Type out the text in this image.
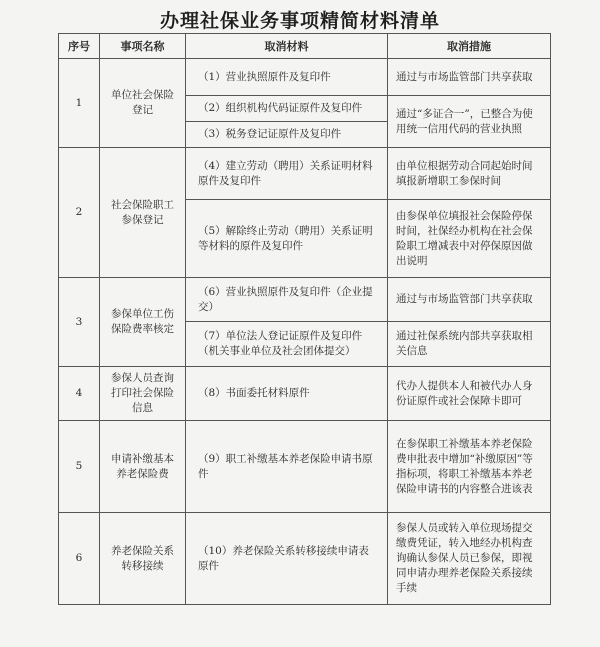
办理社保业务事项精简材料清单
序号	事项名称	取消材料	取消措施
1	单位社会保险登记	（1）营业执照原件及复印件	通过与市场监管部门共享获取
		（2）组织机构代码证原件及复印件	通过“多证合一”，已整合为使用统一信用代码的营业执照
		（3）税务登记证原件及复印件	
2	社会保险职工参保登记	（4）建立劳动（聘用）关系证明材料原件及复印件	由单位根据劳动合同起始时间填报新增职工参保时间
		（5）解除终止劳动（聘用）关系证明等材料的原件及复印件	由参保单位填报社会保险停保时间，社保经办机构在社会保险职工增减表中对停保原因做出说明
3	参保单位工伤保险费率核定	（6）营业执照原件及复印件（企业提交）	通过与市场监管部门共享获取
		（7）单位法人登记证原件及复印件（机关事业单位及社会团体提交）	通过社保系统内部共享获取相关信息
4	参保人员查询打印社会保险信息	（8）书面委托材料原件	代办人提供本人和被代办人身份证原件或社会保障卡即可
5	申请补缴基本养老保险费	（9）职工补缴基本养老保险申请书原件	在参保职工补缴基本养老保险费申批表中增加“补缴原因”等指标项，将职工补缴基本养老保险申请书的内容整合进该表
6	养老保险关系转移接续	（10）养老保险关系转移接续申请表原件	参保人员或转入单位现场提交缴费凭证，转入地经办机构查询确认参保人员已参保，即视同申请办理养老保险关系接续手续
